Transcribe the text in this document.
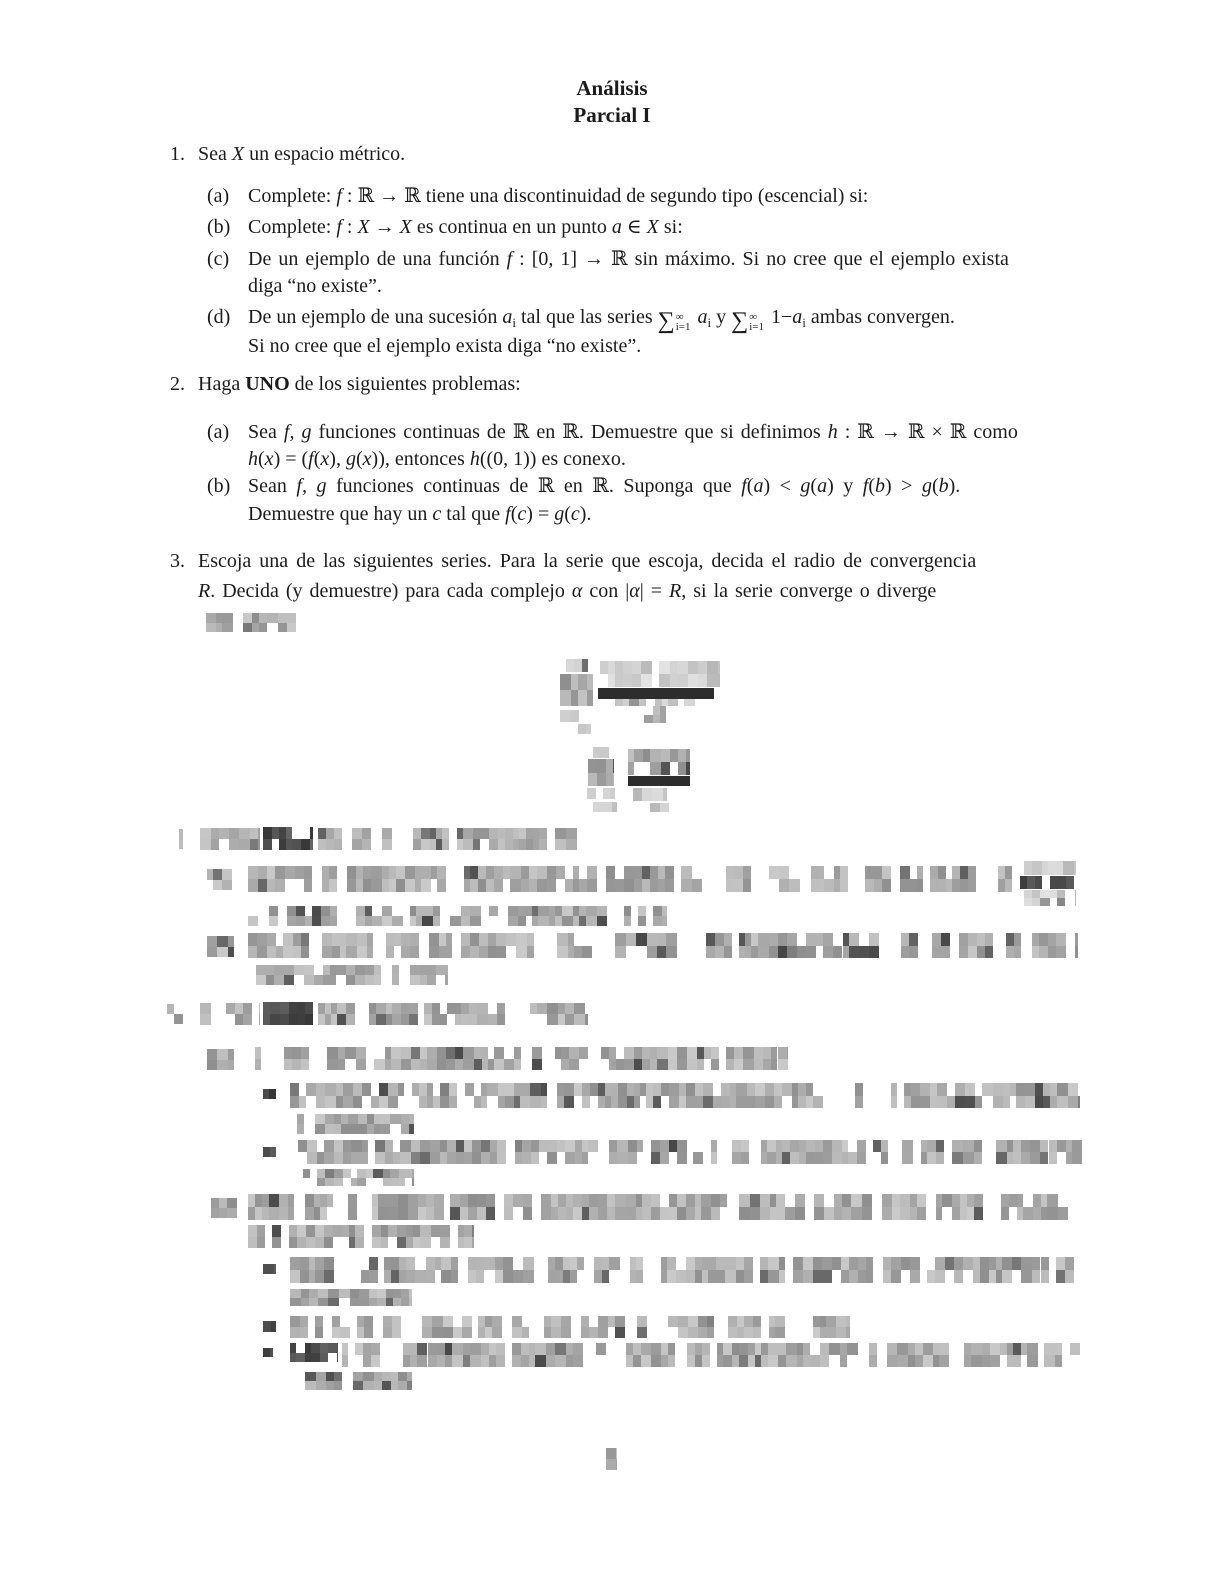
Análisis
Parcial I
1. Sea X un espacio métrico.
(a) Complete: f : ℝ → ℝ tiene una discontinuidad de segundo tipo (escencial) si:
(b) Complete: f : X → X es continua en un punto a ∈ X si:
(c) De un ejemplo de una función f : [0, 1] → ℝ sin máximo. Si no cree que el ejemplo exista
diga “no existe”.
(d) De un ejemplo de una sucesión $a_i$ tal que las series ∑ ∞
i=1 $a_i$ y ∑ ∞
i=1 $1-a_i$ ambas convergen.
Si no cree que el ejemplo exista diga “no existe”.
2. Haga UNO de los siguientes problemas:
(a) Sea f, g funciones continuas de ℝ en ℝ. Demuestre que si definimos h : ℝ → ℝ × ℝ como
h(x) = (f(x), g(x)), entonces h((0, 1)) es conexo.
(b) Sean f, g funciones continuas de ℝ en ℝ. Suponga que f(a) < g(a) y f(b) > g(b).
Demuestre que hay un c tal que f(c) = g(c).
3. Escoja una de las siguientes series. Para la serie que escoja, decida el radio de convergencia
R. Decida (y demuestre) para cada complejo α con |α| = R, si la serie converge o diverge
